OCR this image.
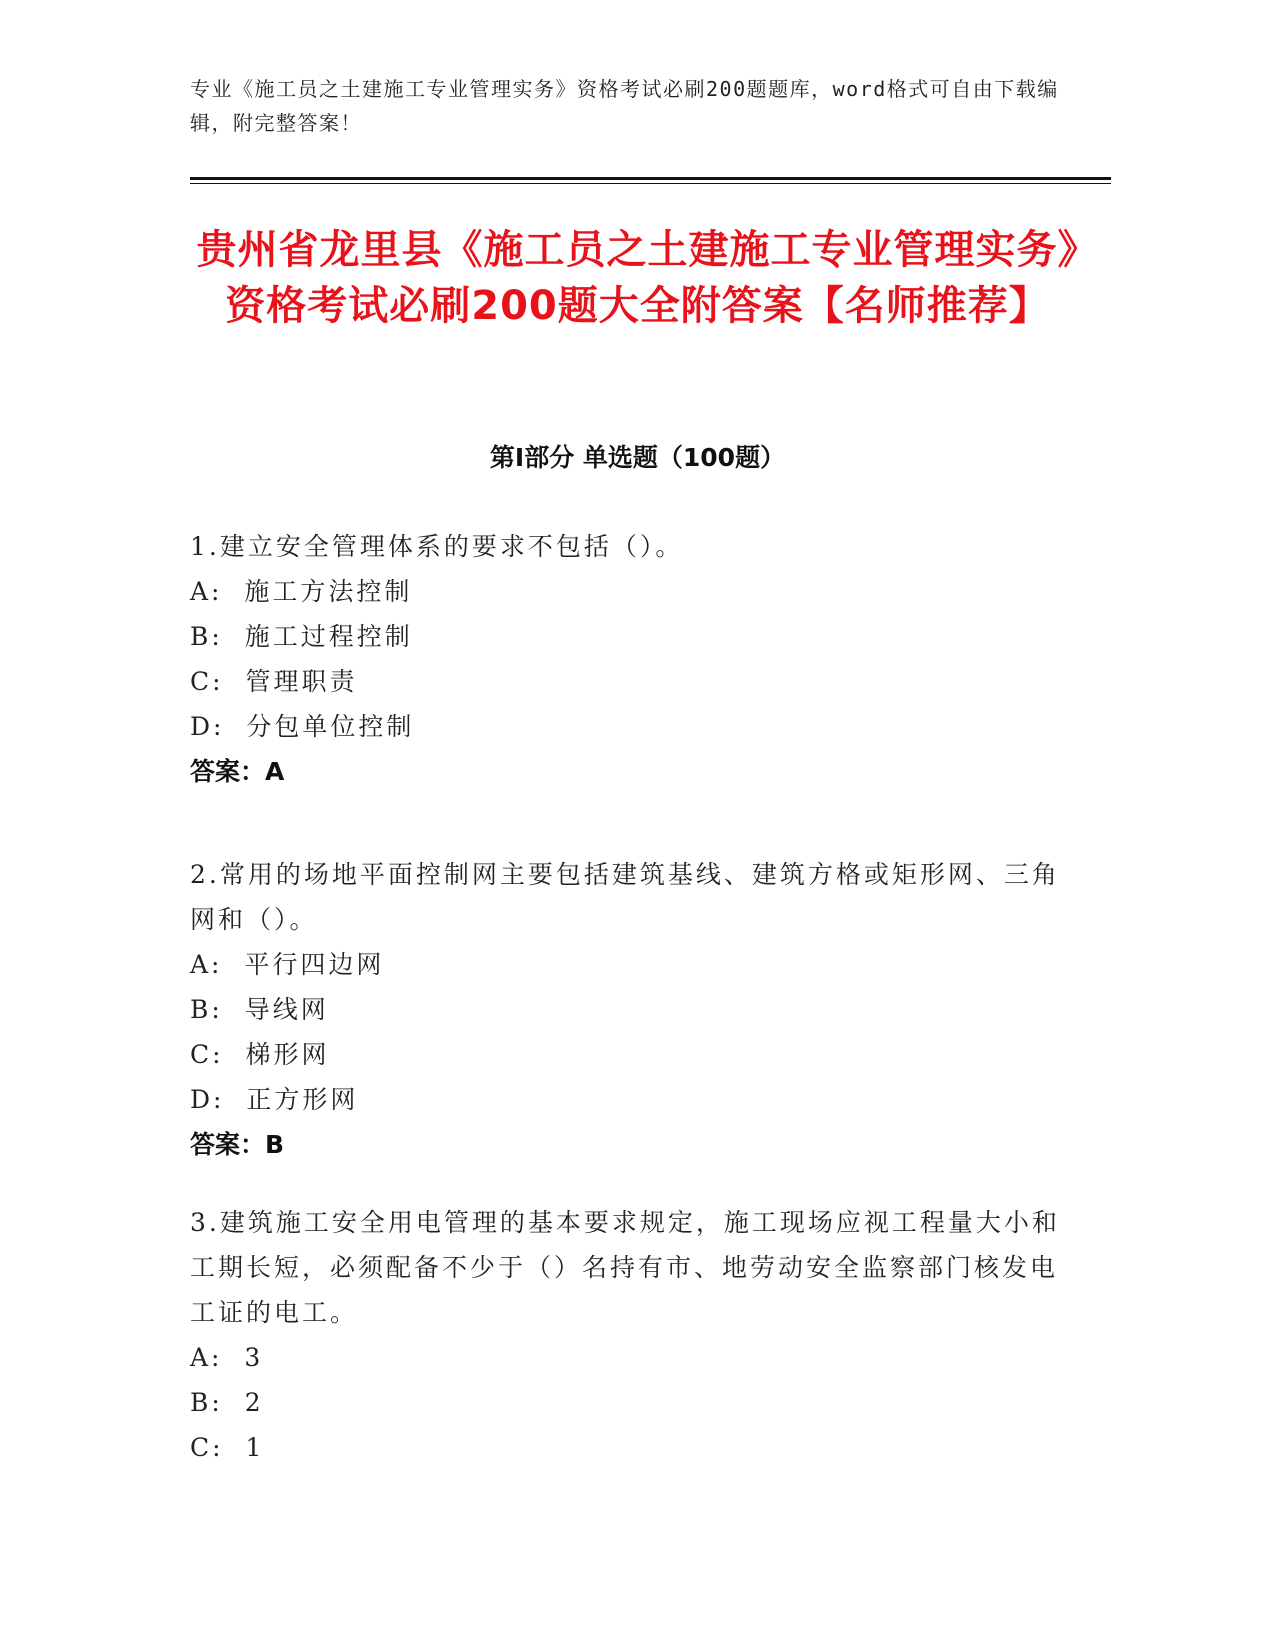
专业《施工员之土建施工专业管理实务》资格考试必刷200题题库，word格式可自由下载编辑，附完整答案！
贵州省龙里县《施工员之土建施工专业管理实务》资格考试必刷200题大全附答案【名师推荐】
第Ⅰ部分 单选题（100题）
1.建立安全管理体系的要求不包括（）。
A:  施工方法控制
B:  施工过程控制
C:  管理职责
D:  分包单位控制
答案：A
2.常用的场地平面控制网主要包括建筑基线、建筑方格或矩形网、三角网和（）。
A:  平行四边网
B:  导线网
C:  梯形网
D:  正方形网
答案：B
3.建筑施工安全用电管理的基本要求规定，施工现场应视工程量大小和工期长短，必须配备不少于（）名持有市、地劳动安全监察部门核发电工证的电工。
A:  3
B:  2
C:  1
